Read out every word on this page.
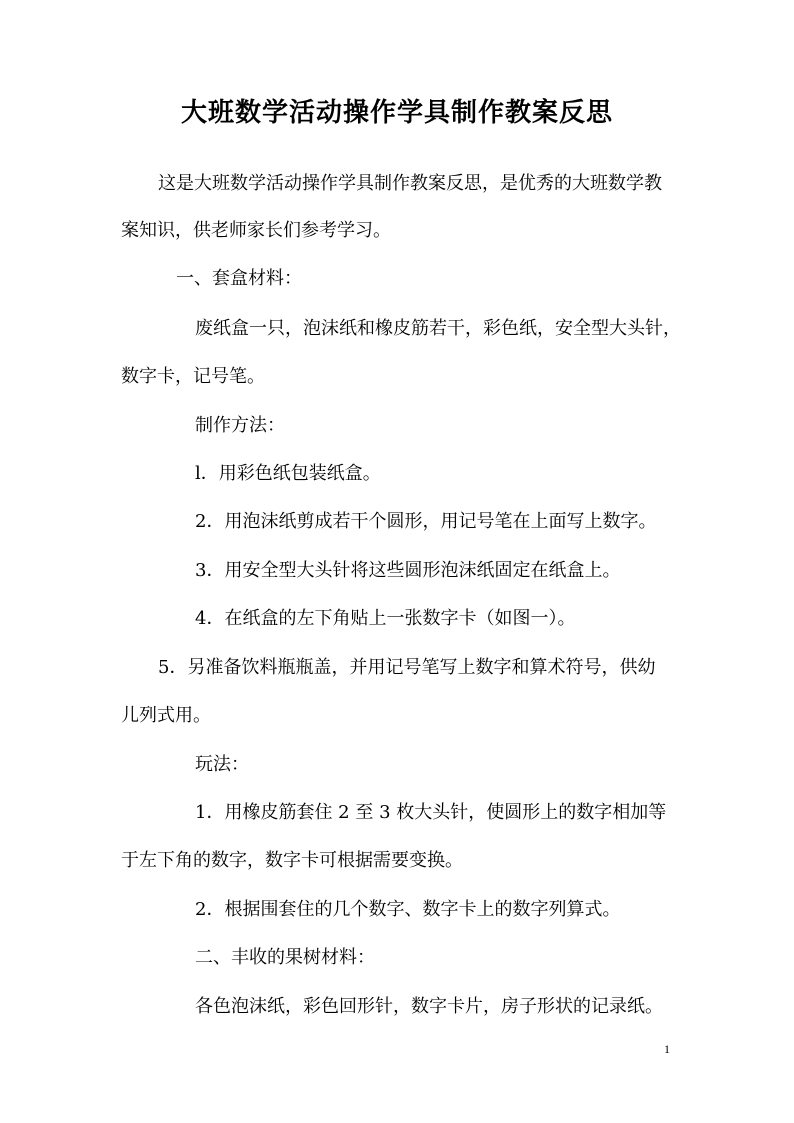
大班数学活动操作学具制作教案反思
这是大班数学活动操作学具制作教案反思，是优秀的大班数学教
案知识，供老师家长们参考学习。
一、套盒材料：
废纸盒一只，泡沫纸和橡皮筋若干，彩色纸，安全型大头针，
数字卡，记号笔。
制作方法：
l．用彩色纸包装纸盒。
2．用泡沫纸剪成若干个圆形，用记号笔在上面写上数字。
3．用安全型大头针将这些圆形泡沫纸固定在纸盒上。
4．在纸盒的左下角贴上一张数字卡（如图一）。
5．另准备饮料瓶瓶盖，并用记号笔写上数字和算术符号，供幼
儿列式用。
玩法：
1．用橡皮筋套住 2 至 3 枚大头针，使圆形上的数字相加等
于左下角的数字，数字卡可根据需要变换。
2．根据围套住的几个数字、数字卡上的数字列算式。
二、丰收的果树材料：
各色泡沫纸，彩色回形针，数字卡片，房子形状的记录纸。
1
